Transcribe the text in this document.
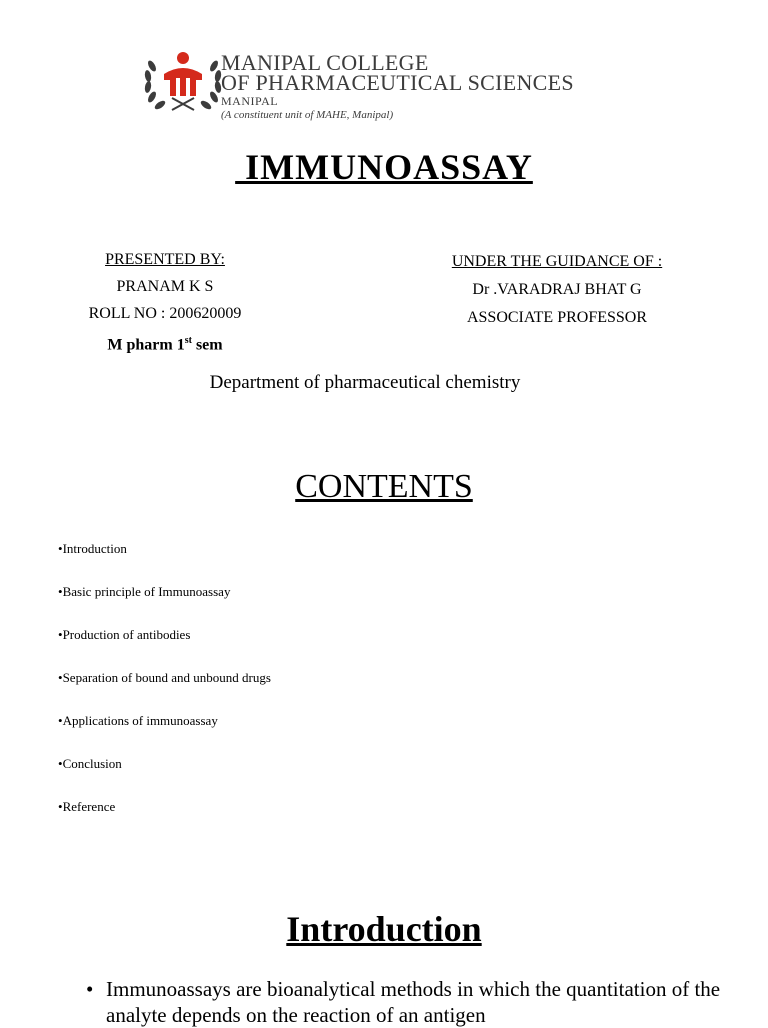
MANIPAL COLLEGE
OF PHARMACEUTICAL SCIENCES
MANIPAL
(A constituent unit of MAHE, Manipal)
IMMUNOASSAY
PRESENTED BY:
PRANAM K S
ROLL NO : 200620009
M pharm 1st sem
UNDER THE GUIDANCE OF :
Dr .VARADRAJ BHAT G
ASSOCIATE PROFESSOR
Department of pharmaceutical chemistry
CONTENTS
• Introduction
• Basic principle of Immunoassay
• Production of antibodies
• Separation of bound and unbound drugs
• Applications of immunoassay
• Conclusion
• Reference
Introduction
• Immunoassays are bioanalytical methods in which the quantitation of the analyte depends on the reaction of an antigen
